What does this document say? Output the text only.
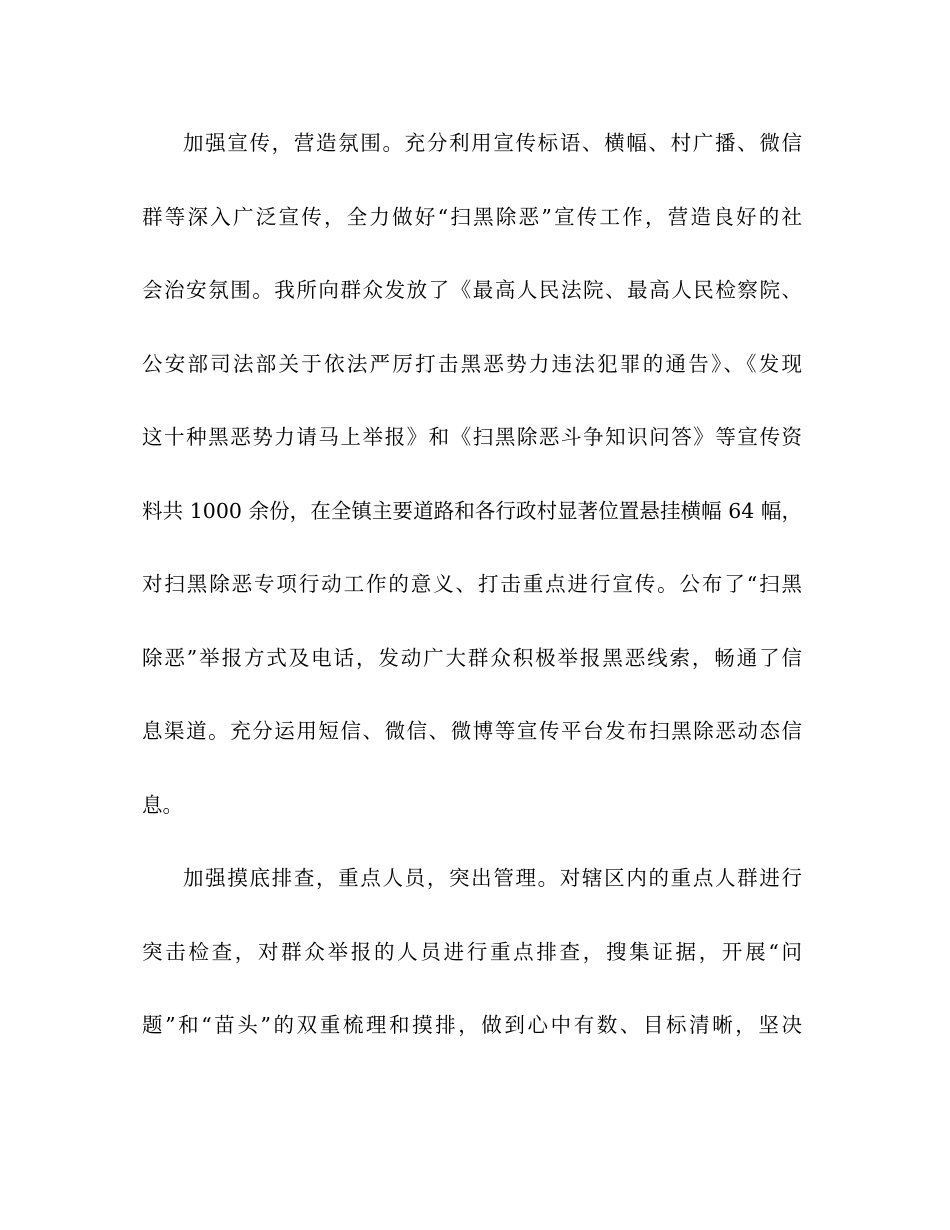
加强宣传，营造氛围。充分利用宣传标语、横幅、村广播、微信
群等深入广泛宣传，全力做好“扫黑除恶”宣传工作，营造良好的社
会治安氛围。我所向群众发放了《最高人民法院、最高人民检察院、
公安部司法部关于依法严厉打击黑恶势力违法犯罪的通告》、《发现
这十种黑恶势力请马上举报》和《扫黑除恶斗争知识问答》等宣传资
料共 1000 余份，在全镇主要道路和各行政村显著位置悬挂横幅 64 幅，
对扫黑除恶专项行动工作的意义、打击重点进行宣传。公布了“扫黑
除恶”举报方式及电话，发动广大群众积极举报黑恶线索，畅通了信
息渠道。充分运用短信、微信、微博等宣传平台发布扫黑除恶动态信
息。
加强摸底排查，重点人员，突出管理。对辖区内的重点人群进行
突击检查，对群众举报的人员进行重点排查，搜集证据，开展“问
题”和“苗头”的双重梳理和摸排，做到心中有数、目标清晰，坚决
